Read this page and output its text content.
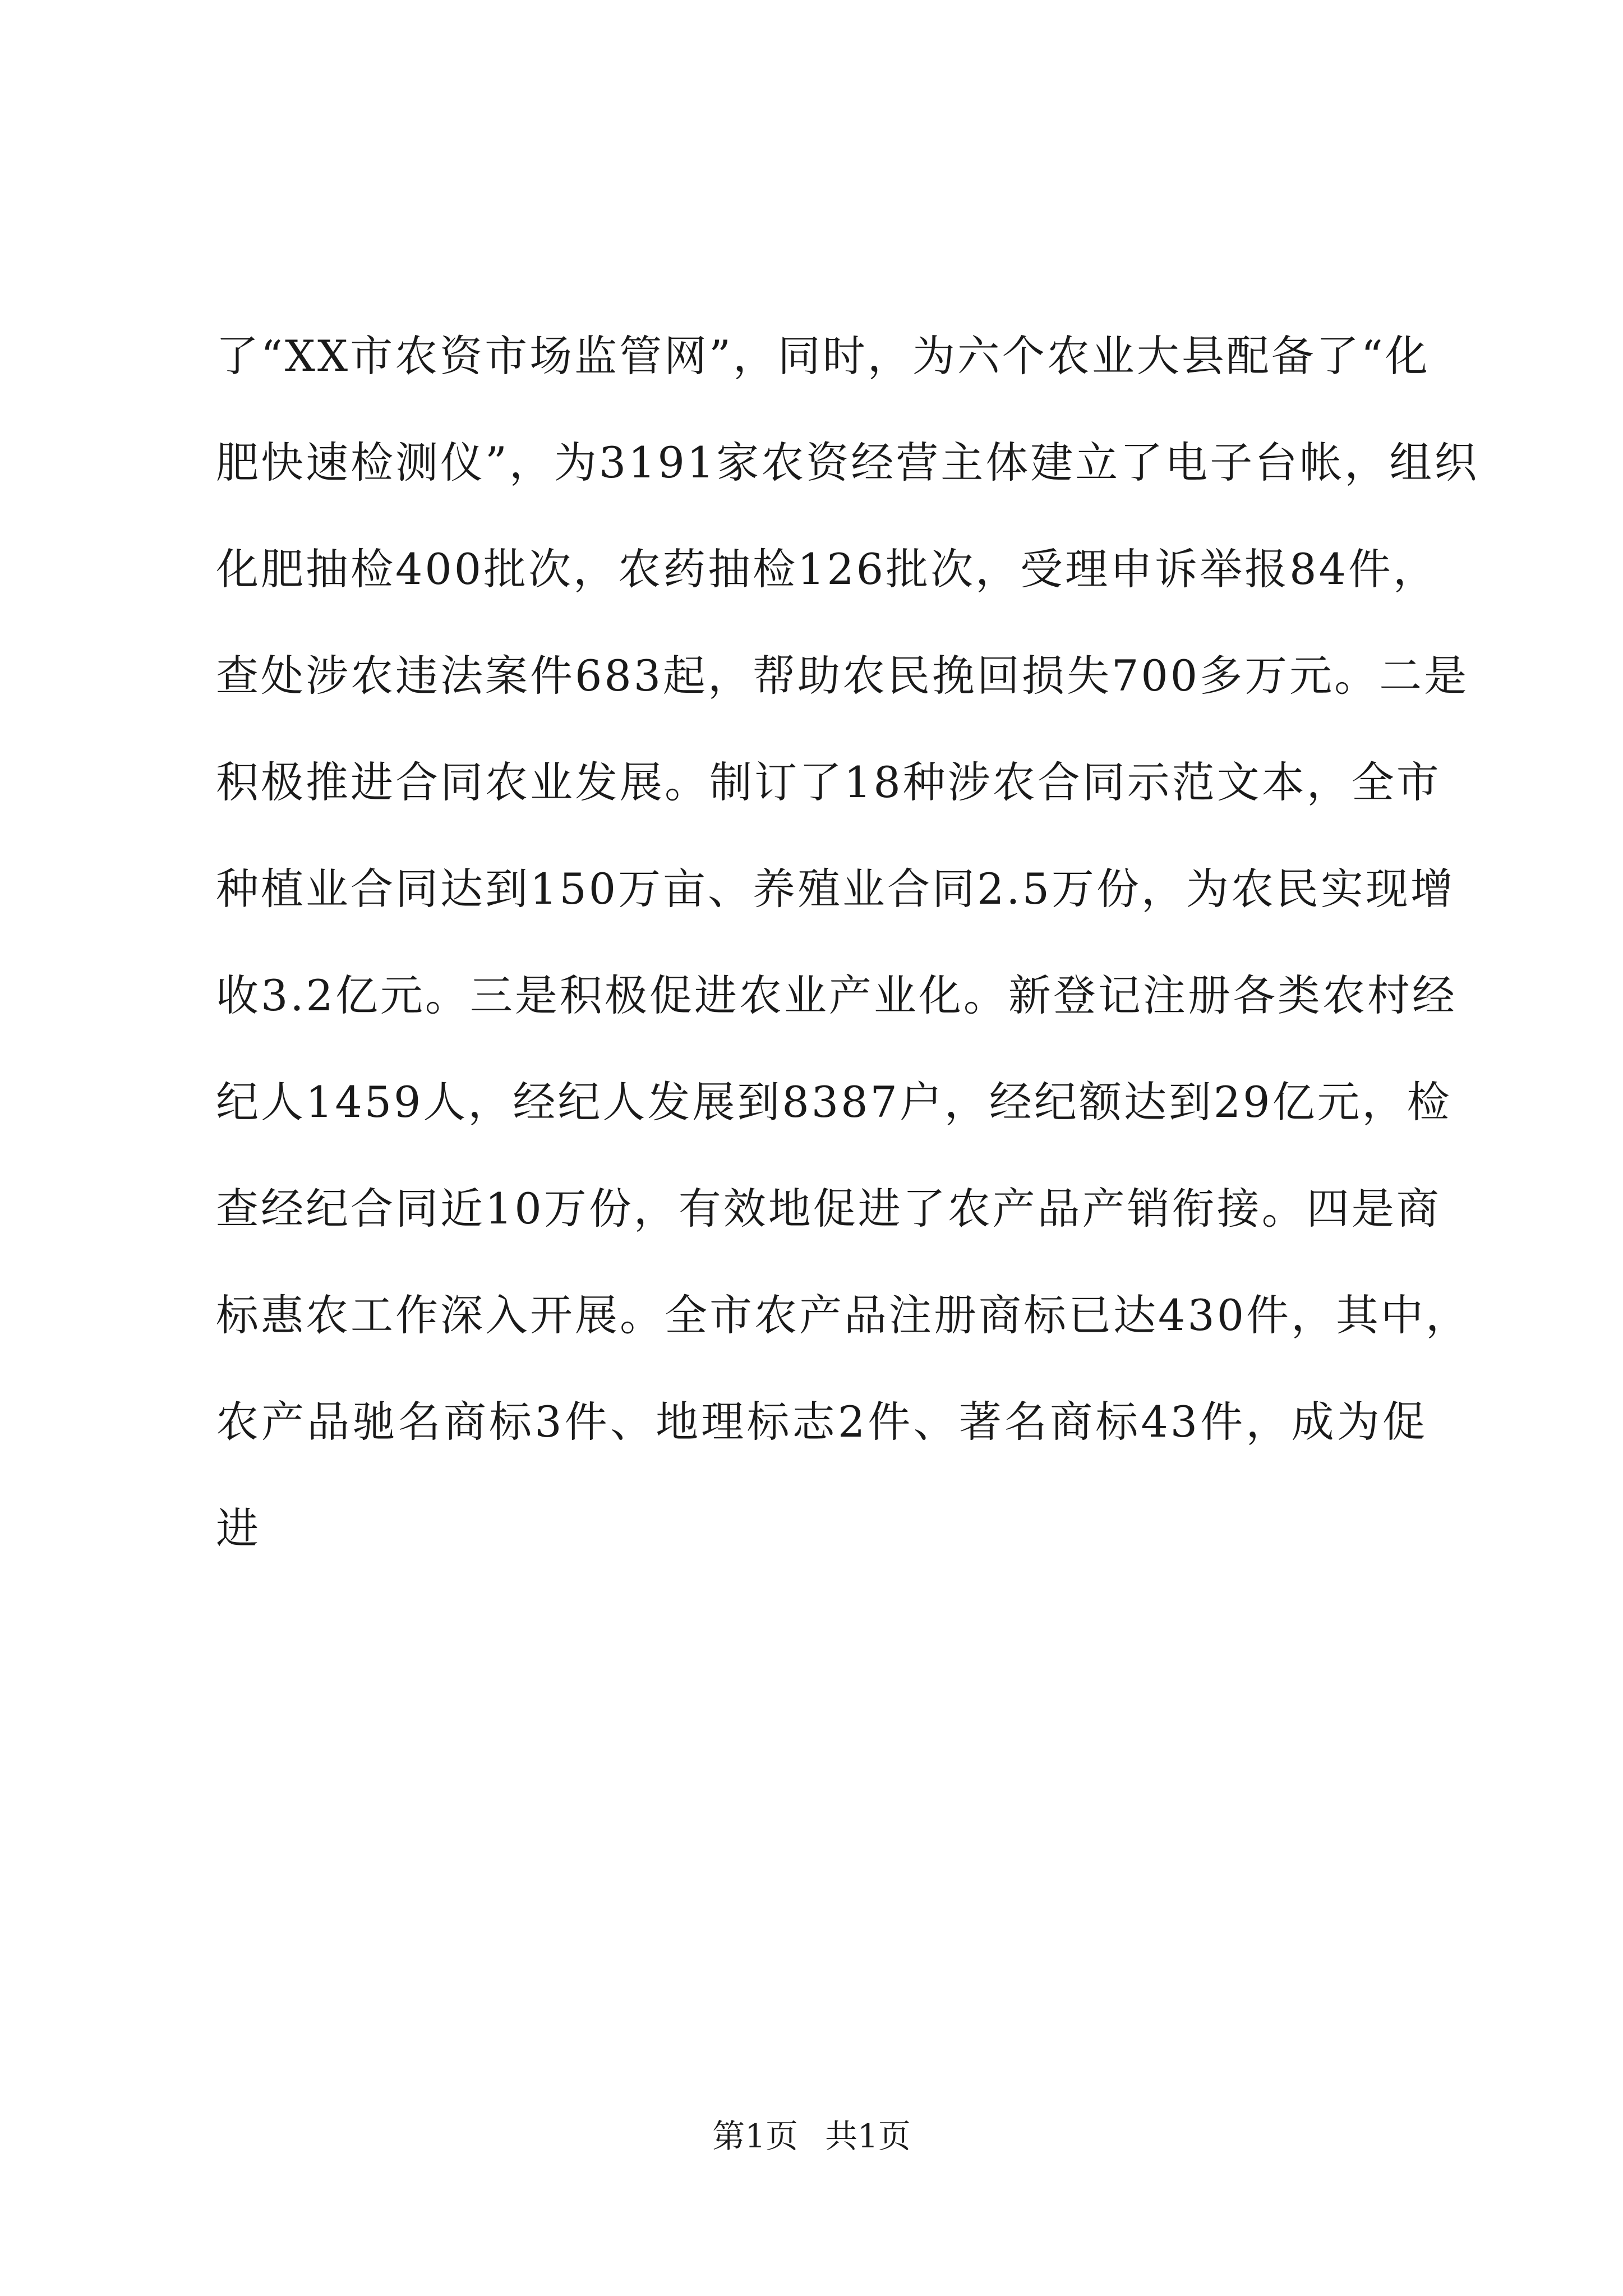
了“XX市农资市场监管网”，同时，为六个农业大县配备了“化
肥快速检测仪”，为3191家农资经营主体建立了电子台帐，组织
化肥抽检400批次，农药抽检126批次，受理申诉举报84件，
查处涉农违法案件683起，帮助农民挽回损失700多万元。二是
积极推进合同农业发展。制订了18种涉农合同示范文本，全市
种植业合同达到150万亩、养殖业合同2.5万份，为农民实现增
收3.2亿元。三是积极促进农业产业化。新登记注册各类农村经
纪人1459人，经纪人发展到8387户，经纪额达到29亿元，检
查经纪合同近10万份，有效地促进了农产品产销衔接。四是商
标惠农工作深入开展。全市农产品注册商标已达430件，其中，
农产品驰名商标3件、地理标志2件、著名商标43件，成为促
进
第1页 共1页
